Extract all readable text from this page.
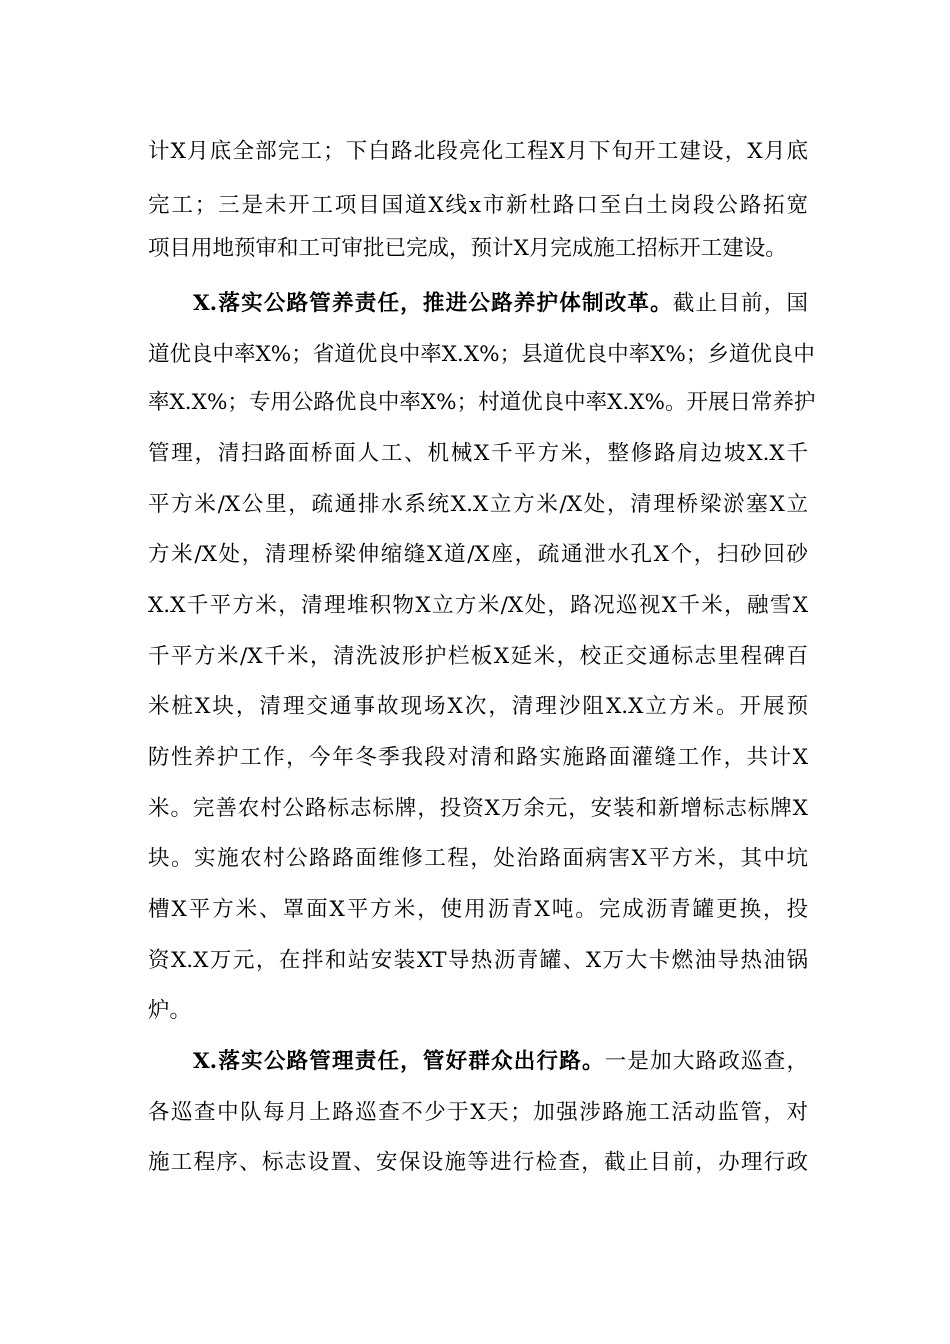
计X月底全部完工；下白路北段亮化工程X月下旬开工建设，X月底
完工；三是未开工项目国道X线x市新杜路口至白土岗段公路拓宽
项目用地预审和工可审批已完成，预计X月完成施工招标开工建设。
X.落实公路管养责任，推进公路养护体制改革。截止目前，国
道优良中率X%；省道优良中率X.X%；县道优良中率X%；乡道优良中
率X.X%；专用公路优良中率X%；村道优良中率X.X%。开展日常养护
管理，清扫路面桥面人工、机械X千平方米，整修路肩边坡X.X千
平方米/X公里，疏通排水系统X.X立方米/X处，清理桥梁淤塞X立
方米/X处，清理桥梁伸缩缝X道/X座，疏通泄水孔X个，扫砂回砂
X.X千平方米，清理堆积物X立方米/X处，路况巡视X千米，融雪X
千平方米/X千米，清洗波形护栏板X延米，校正交通标志里程碑百
米桩X块，清理交通事故现场X次，清理沙阻X.X立方米。开展预
防性养护工作，今年冬季我段对清和路实施路面灌缝工作，共计X
米。完善农村公路标志标牌，投资X万余元，安装和新增标志标牌X
块。实施农村公路路面维修工程，处治路面病害X平方米，其中坑
槽X平方米、罩面X平方米，使用沥青X吨。完成沥青罐更换，投
资X.X万元，在拌和站安装XT导热沥青罐、X万大卡燃油导热油锅
炉。
X.落实公路管理责任，管好群众出行路。一是加大路政巡查，
各巡查中队每月上路巡查不少于X天；加强涉路施工活动监管，对
施工程序、标志设置、安保设施等进行检查，截止目前，办理行政
